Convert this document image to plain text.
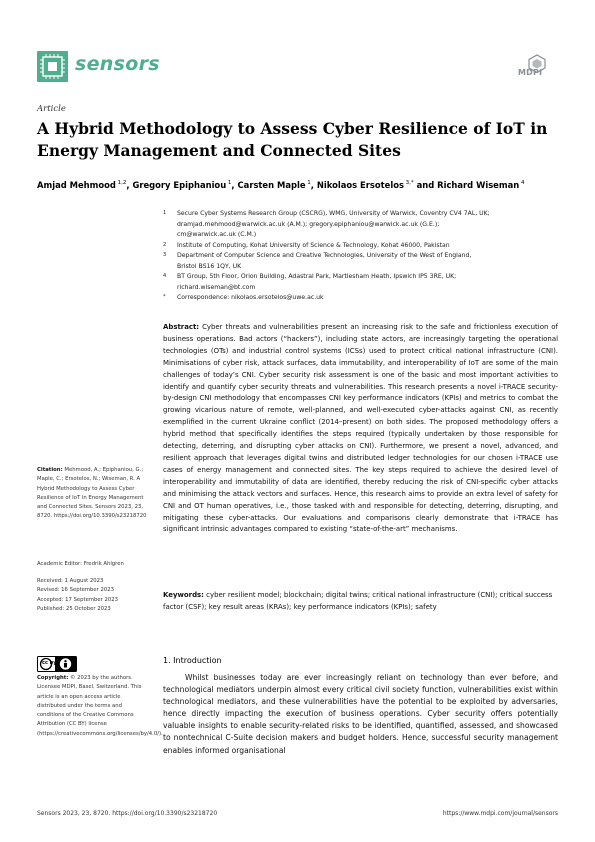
sensors	MDPI
Article
A Hybrid Methodology to Assess Cyber Resilience of IoT in Energy Management and Connected Sites
Amjad Mehmood $^{1,2}$, Gregory Epiphaniou $^1$, Carsten Maple $^1$, Nikolaos Ersotelos $^{3,*}$ and Richard Wiseman $^4$
1 Secure Cyber Systems Research Group (CSCRG), WMG, University of Warwick, Coventry CV4 7AL, UK;
dramjad.mehmood@warwick.ac.uk (A.M.); gregory.epiphaniou@warwick.ac.uk (G.E.);
cm@warwick.ac.uk (C.M.)
2 Institute of Computing, Kohat University of Science & Technology, Kohat 46000, Pakistan
3 Department of Computer Science and Creative Technologies, University of the West of England,
Bristol BS16 1QY, UK
4 BT Group, 5th Floor, Orion Building, Adastral Park, Martlesham Heath, Ipswich IP5 3RE, UK;
richard.wiseman@bt.com
* Correspondence: nikolaos.ersotelos@uwe.ac.uk
Abstract: Cyber threats and vulnerabilities present an increasing risk to the safe and frictionless execution of business operations. Bad actors (“hackers”), including state actors, are increasingly targeting the operational technologies (OTs) and industrial control systems (ICSs) used to protect critical national infrastructure (CNI). Minimisations of cyber risk, attack surfaces, data immutability, and interoperability of IoT are some of the main challenges of today’s CNI. Cyber security risk assessment is one of the basic and most important activities to identify and quantify cyber security threats and vulnerabilities. This research presents a novel i-TRACE security-by-design CNI methodology that encompasses CNI key performance indicators (KPIs) and metrics to combat the growing vicarious nature of remote, well-planned, and well-executed cyber-attacks against CNI, as recently exemplified in the current Ukraine conflict (2014–present) on both sides. The proposed methodology offers a hybrid method that specifically identifies the steps required (typically undertaken by those responsible for detecting, deterring, and disrupting cyber attacks on CNI). Furthermore, we present a novel, advanced, and resilient approach that leverages digital twins and distributed ledger technologies for our chosen i-TRACE use cases of energy management and connected sites. The key steps required to achieve the desired level of interoperability and immutability of data are identified, thereby reducing the risk of CNI-specific cyber attacks and minimising the attack vectors and surfaces. Hence, this research aims to provide an extra level of safety for CNI and OT human operatives, i.e., those tasked with and responsible for detecting, deterring, disrupting, and mitigating these cyber-attacks. Our evaluations and comparisons clearly demonstrate that i-TRACE has significant intrinsic advantages compared to existing “state-of-the-art” mechanisms.
Keywords: cyber resilient model; blockchain; digital twins; critical national infrastructure (CNI); critical success factor (CSF); key result areas (KRAs); key performance indicators (KPIs); safety
Citation: Mehmood, A.; Epiphaniou, G.; Maple, C.; Ersotelos, N.; Wiseman, R. A Hybrid Methodology to Assess Cyber Resilience of IoT in Energy Management and Connected Sites. Sensors 2023, 23, 8720. https://doi.org/10.3390/s23218720
Academic Editor: Fredrik Ahlgren
Received: 1 August 2023
Revised: 16 September 2023
Accepted: 17 September 2023
Published: 25 October 2023
cc by
Copyright: © 2023 by the authors. Licensee MDPI, Basel, Switzerland. This article is an open access article distributed under the terms and conditions of the Creative Commons Attribution (CC BY) license (https://creativecommons.org/licenses/by/4.0/).
1. Introduction
Whilst businesses today are ever increasingly reliant on technology than ever before, and technological mediators underpin almost every critical civil society function, vulnerabilities exist within technological mediators, and these vulnerabilities have the potential to be exploited by adversaries, hence directly impacting the execution of business operations. Cyber security offers potentially valuable insights to enable security-related risks to be identified, quantified, assessed, and showcased to nontechnical C-Suite decision makers and budget holders. Hence, successful security management enables informed organisational
Sensors 2023, 23, 8720. https://doi.org/10.3390/s23218720	https://www.mdpi.com/journal/sensors
